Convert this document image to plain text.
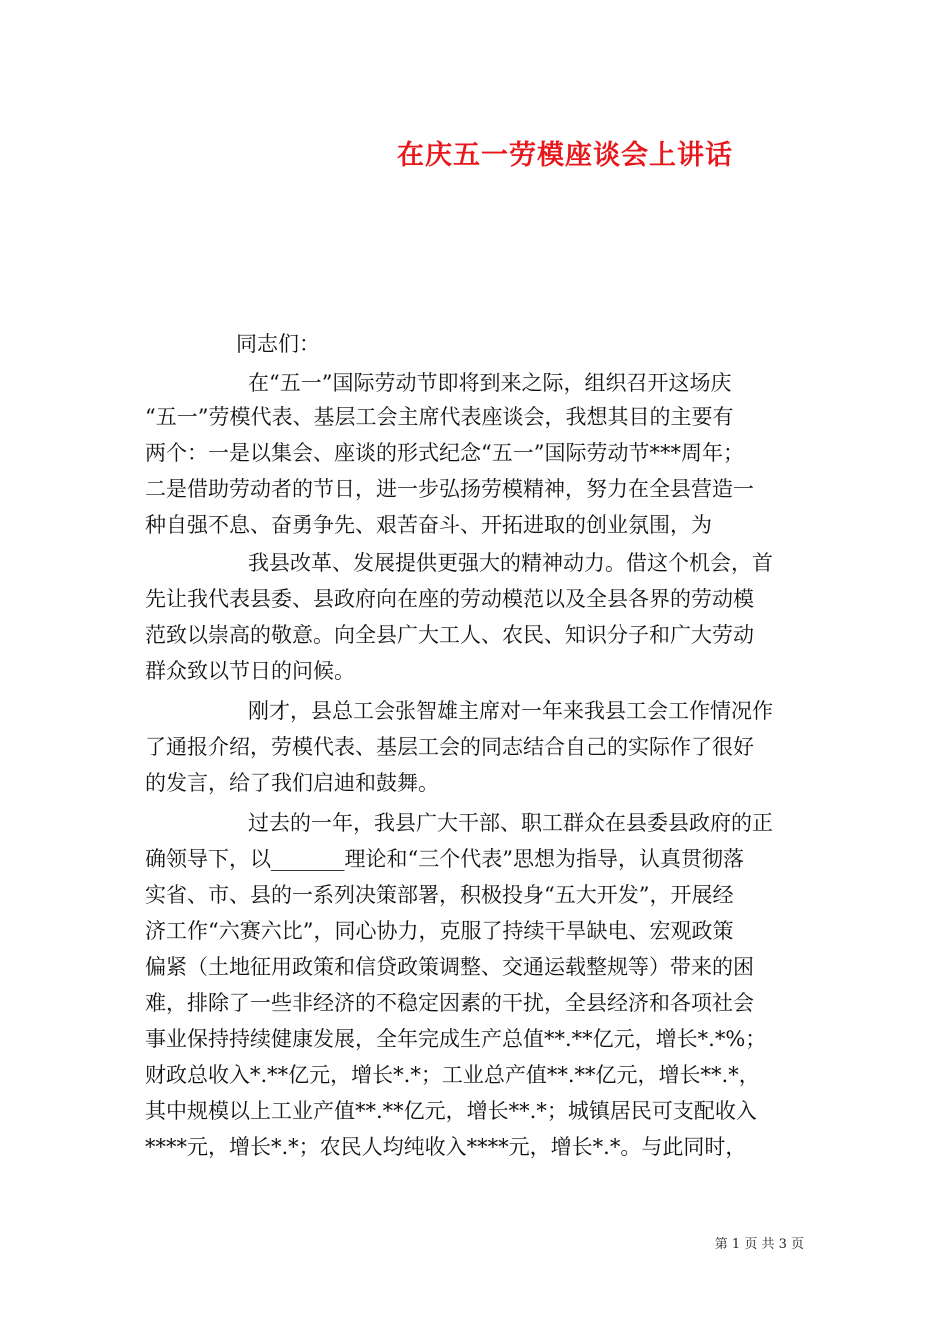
在庆五一劳模座谈会上讲话
同志们：
在“五一”国际劳动节即将到来之际，组织召开这场庆
“五一”劳模代表、基层工会主席代表座谈会，我想其目的主要有
两个：一是以集会、座谈的形式纪念“五一”国际劳动节***周年；
二是借助劳动者的节日，进一步弘扬劳模精神，努力在全县营造一
种自强不息、奋勇争先、艰苦奋斗、开拓进取的创业氛围，为
我县改革、发展提供更强大的精神动力。借这个机会，首
先让我代表县委、县政府向在座的劳动模范以及全县各界的劳动模
范致以崇高的敬意。向全县广大工人、农民、知识分子和广大劳动
群众致以节日的问候。
刚才，县总工会张智雄主席对一年来我县工会工作情况作
了通报介绍，劳模代表、基层工会的同志结合自己的实际作了很好
的发言，给了我们启迪和鼓舞。
过去的一年，我县广大干部、职工群众在县委县政府的正
确领导下，以_______理论和“三个代表”思想为指导，认真贯彻落
实省、市、县的一系列决策部署，积极投身“五大开发”，开展经
济工作“六赛六比”，同心协力，克服了持续干旱缺电、宏观政策
偏紧（土地征用政策和信贷政策调整、交通运载整规等）带来的困
难，排除了一些非经济的不稳定因素的干扰，全县经济和各项社会
事业保持持续健康发展，全年完成生产总值**.**亿元，增长*.*%；
财政总收入*.**亿元，增长*.*；工业总产值**.**亿元，增长**.*，
其中规模以上工业产值**.**亿元，增长**.*；城镇居民可支配收入
****元，增长*.*；农民人均纯收入****元，增长*.*。与此同时，
第 1 页 共 3 页
